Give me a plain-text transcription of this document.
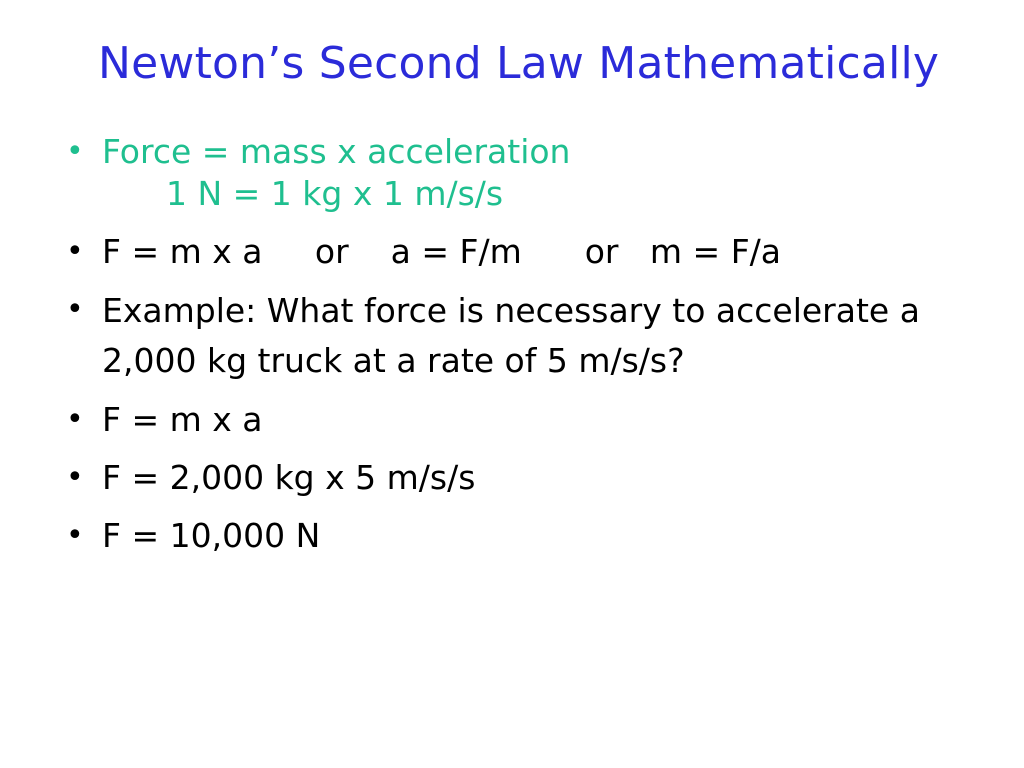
Newton’s Second Law Mathematically
• Force = mass x acceleration
1 N = 1 kg x 1 m/s/s
• F = m x a     or    a = F/m      or   m = F/a
• Example: What force is necessary to accelerate a 2,000 kg truck at a rate of 5 m/s/s?
• F = m x a
• F = 2,000 kg x 5 m/s/s
• F = 10,000 N
